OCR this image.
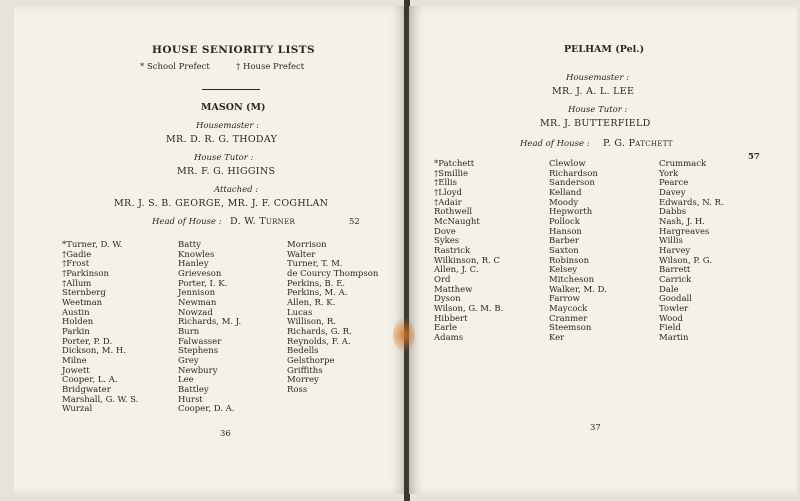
HOUSE SENIORITY LISTS
* School Prefect	† House Prefect
MASON (M)
Housemaster :
MR. D. R. G. THODAY
House Tutor :
MR. F. G. HIGGINS
Attached :
MR. J. S. B. GEORGE, MR. J. F. COGHLAN
Head of House : D. W. Turner	52
*Turner, D. W.
†Gadie
†Frost
†Parkinson
†Allum
Sternberg
Weetman
Austin
Holden
Parkin
Porter, P. D.
Dickson, M. H.
Milne
Jowett
Cooper, L. A.
Bridgwater
Marshall, G. W. S.
Wurzal
Batty
Knowles
Hanley
Grieveson
Porter, I. K.
Jennison
Newman
Nowzad
Richards, M. J.
Burn
Falwasser
Stephens
Grey
Newbury
Lee
Battley
Hurst
Cooper, D. A.
Morrison
Walter
Turner, T. M.
de Courcy Thompson
Perkins, B. E.
Perkins, M. A.
Allen, R. K.
Lucas
Willison, R.
Richards, G. R.
Reynolds, F. A.
Bedells
Gelsthorpe
Griffiths
Morrey
Ross
36
PELHAM (Pel.)
Housemaster :
MR. J. A. L. LEE
House Tutor :
MR. J. BUTTERFIELD
Head of House : P. G. Patchett
57
*Patchett
†Smillie
†Ellis
†Lloyd
†Adair
Rothwell
McNaught
Dove
Sykes
Rastrick
Wilkinson, R. C
Allen, J. C.
Ord
Matthew
Dyson
Wilson, G. M. B.
Hibbert
Earle
Adams
Clewlow
Richardson
Sanderson
Kelland
Moody
Hepworth
Pollock
Hanson
Barber
Saxton
Robinson
Kelsey
Mitcheson
Walker, M. D.
Farrow
Maycock
Cranmer
Steemson
Ker
Crummack
York
Pearce
Davey
Edwards, N. R.
Dabbs
Nash, J. H.
Hargreaves
Willis
Harvey
Wilson, P. G.
Barrett
Carrick
Dale
Goodall
Towler
Wood
Field
Martin
37
